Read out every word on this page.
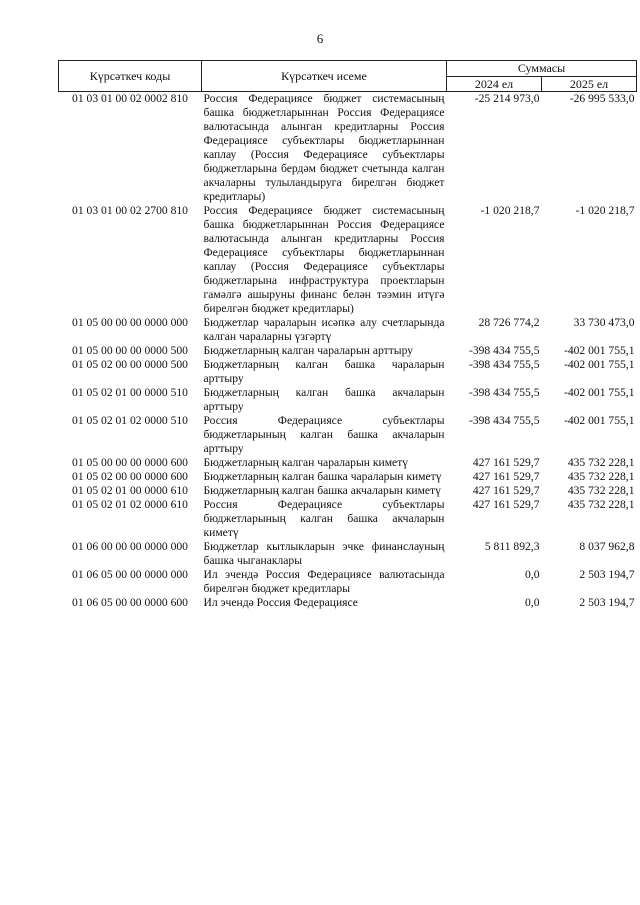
6
Күрсәткеч коды	Күрсәткеч исеме	Суммасы	
		2024 ел	2025 ел
01 03 01 00 02 0002 810	Россия Федерациясе бюджет системасының башка бюджетларыннан Россия Федерациясе валютасында алынган кредитларны Россия Федерациясе субъектлары бюджетларыннан каплау (Россия Федерациясе субъектлары бюджетларына бердәм бюджет счетында калган акчаларны тулыландыруга бирелгән бюджет кредитлары)	-25 214 973,0	-26 995 533,0
01 03 01 00 02 2700 810	Россия Федерациясе бюджет системасының башка бюджетларыннан Россия Федерациясе валютасында алынган кредитларны Россия Федерациясе субъектлары бюджетларыннан каплау (Россия Федерациясе субъектлары бюджетларына инфраструктура проектларын гамәлгә ашыруны финанс белән тәэмин итүгә бирелгән бюджет кредитлары)	-1 020 218,7	-1 020 218,7
01 05 00 00 00 0000 000	Бюджетлар чараларын исәпкә алу счетларында калган чараларны үзгәртү	28 726 774,2	33 730 473,0
01 05 00 00 00 0000 500	Бюджетларның калган чараларын арттыру	-398 434 755,5	-402 001 755,1
01 05 02 00 00 0000 500	Бюджетларның калган башка чараларын арттыру	-398 434 755,5	-402 001 755,1
01 05 02 01 00 0000 510	Бюджетларның калган башка акчаларын арттыру	-398 434 755,5	-402 001 755,1
01 05 02 01 02 0000 510	Россия Федерациясе субъектлары бюджетларының калган башка акчаларын арттыру	-398 434 755,5	-402 001 755,1
01 05 00 00 00 0000 600	Бюджетларның калган чараларын киметү	427 161 529,7	435 732 228,1
01 05 02 00 00 0000 600	Бюджетларның калган башка чараларын киметү	427 161 529,7	435 732 228,1
01 05 02 01 00 0000 610	Бюджетларның калган башка акчаларын киметү	427 161 529,7	435 732 228,1
01 05 02 01 02 0000 610	Россия Федерациясе субъектлары бюджетларының калган башка акчаларын киметү	427 161 529,7	435 732 228,1
01 06 00 00 00 0000 000	Бюджетлар кытлыкларын эчке финанслауның башка чыганаклары	5 811 892,3	8 037 962,8
01 06 05 00 00 0000 000	Ил эчендә Россия Федерациясе валютасында бирелгән бюджет кредитлары	0,0	2 503 194,7
01 06 05 00 00 0000 600	Ил эчендә Россия Федерациясе	0,0	2 503 194,7
